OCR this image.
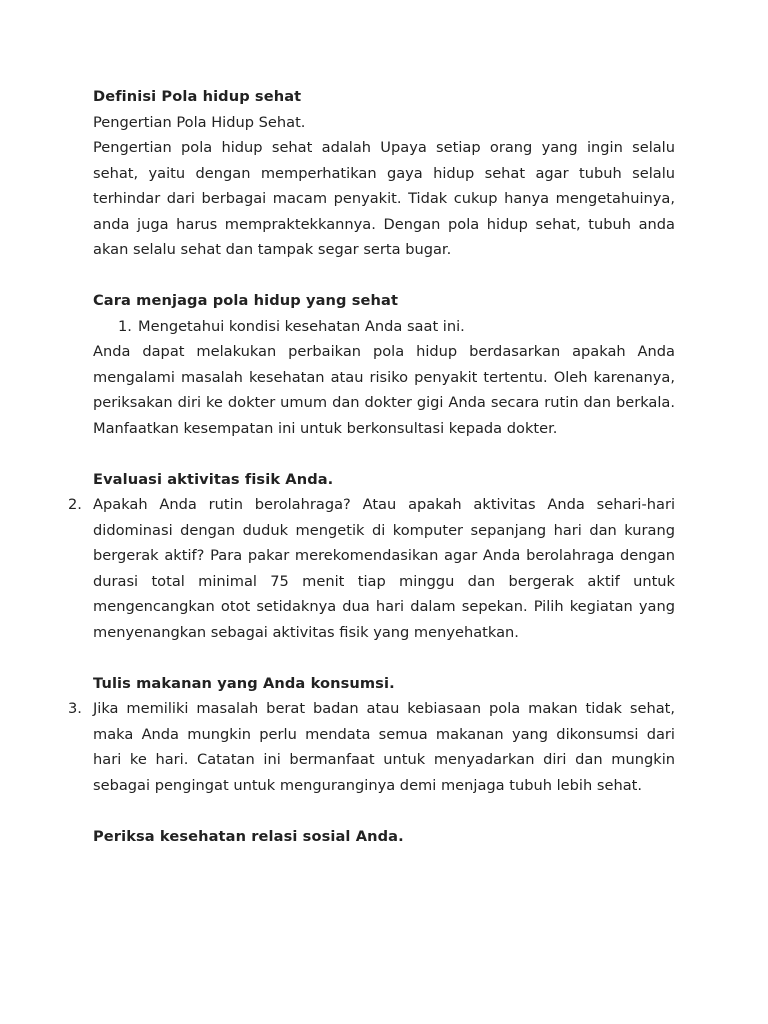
Definisi Pola hidup sehat

Pengertian Pola Hidup Sehat.

Pengertian pola hidup sehat adalah Upaya setiap orang yang ingin selalu sehat, yaitu dengan memperhatikan gaya hidup sehat agar tubuh selalu terhindar dari berbagai macam penyakit. Tidak cukup hanya mengetahuinya, anda juga harus mempraktekkannya. Dengan pola hidup sehat, tubuh anda akan selalu sehat dan tampak segar serta bugar.

Cara menjaga pola hidup yang sehat

1. Mengetahui kondisi kesehatan Anda saat ini.

Anda dapat melakukan perbaikan pola hidup berdasarkan apakah Anda mengalami masalah kesehatan atau risiko penyakit tertentu. Oleh karenanya, periksakan diri ke dokter umum dan dokter gigi Anda secara rutin dan berkala. Manfaatkan kesempatan ini untuk berkonsultasi kepada dokter.

Evaluasi aktivitas fisik Anda.

2. Apakah Anda rutin berolahraga? Atau apakah aktivitas Anda sehari-hari didominasi dengan duduk mengetik di komputer sepanjang hari dan kurang bergerak aktif? Para pakar merekomendasikan agar Anda berolahraga dengan durasi total minimal 75 menit tiap minggu dan bergerak aktif untuk mengencangkan otot setidaknya dua hari dalam sepekan. Pilih kegiatan yang menyenangkan sebagai aktivitas fisik yang menyehatkan.

Tulis makanan yang Anda konsumsi.

3. Jika memiliki masalah berat badan atau kebiasaan pola makan tidak sehat, maka Anda mungkin perlu mendata semua makanan yang dikonsumsi dari hari ke hari. Catatan ini bermanfaat untuk menyadarkan diri dan mungkin sebagai pengingat untuk menguranginya demi menjaga tubuh lebih sehat.

Periksa kesehatan relasi sosial Anda.
